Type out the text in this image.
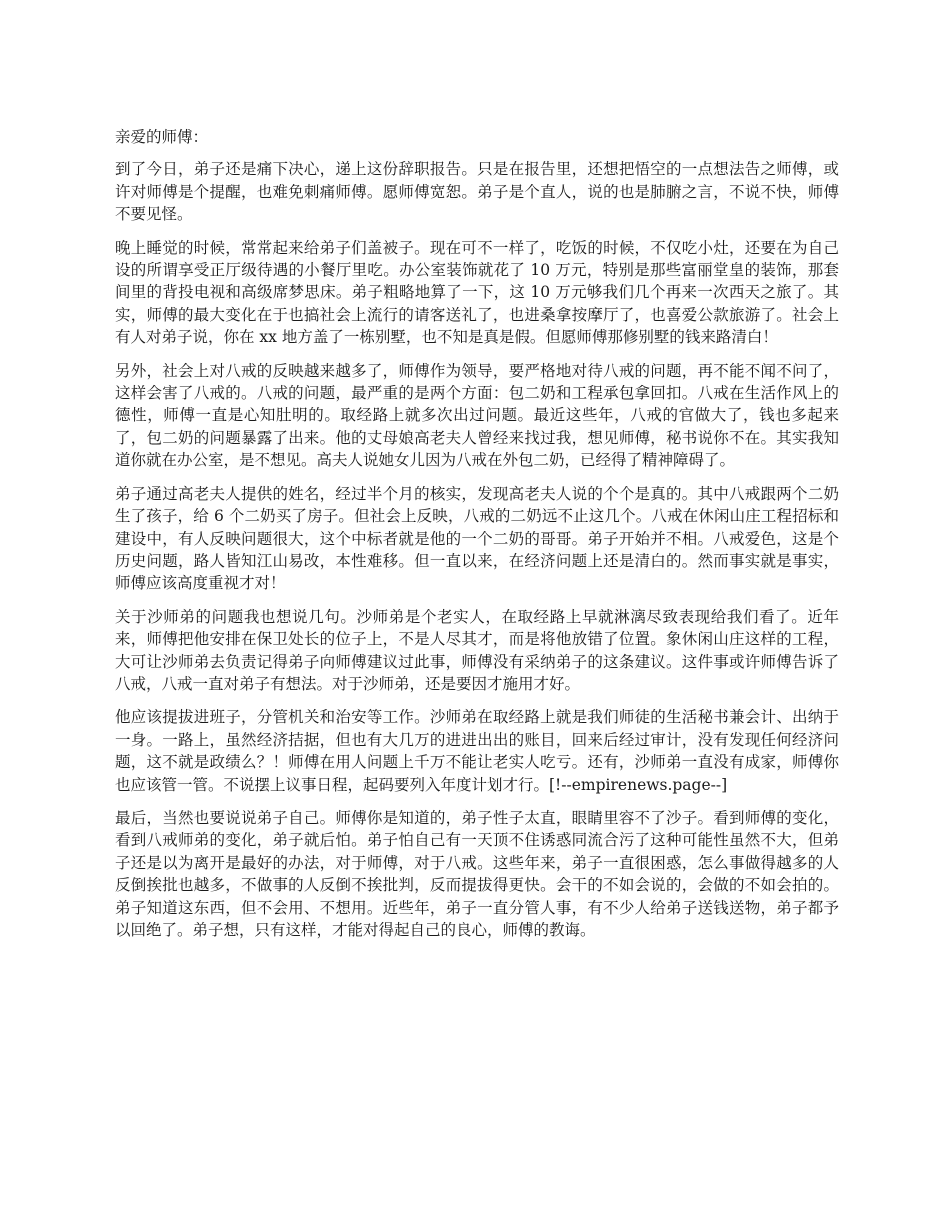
亲爱的师傅：

到了今日，弟子还是痛下决心，递上这份辞职报告。只是在报告里，还想把悟空的一点想法告之师傅，或许对师傅是个提醒，也难免刺痛师傅。愿师傅宽恕。弟子是个直人，说的也是肺腑之言，不说不快，师傅不要见怪。

晚上睡觉的时候，常常起来给弟子们盖被子。现在可不一样了，吃饭的时候，不仅吃小灶，还要在为自己设的所谓享受正厅级待遇的小餐厅里吃。办公室装饰就花了 10 万元，特别是那些富丽堂皇的装饰，那套间里的背投电视和高级席梦思床。弟子粗略地算了一下，这 10 万元够我们几个再来一次西天之旅了。其实，师傅的最大变化在于也搞社会上流行的请客送礼了，也进桑拿按摩厅了，也喜爱公款旅游了。社会上有人对弟子说，你在 xx 地方盖了一栋别墅，也不知是真是假。但愿师傅那修别墅的钱来路清白！

另外，社会上对八戒的反映越来越多了，师傅作为领导，要严格地对待八戒的问题，再不能不闻不问了，这样会害了八戒的。八戒的问题，最严重的是两个方面：包二奶和工程承包拿回扣。八戒在生活作风上的德性，师傅一直是心知肚明的。取经路上就多次出过问题。最近这些年，八戒的官做大了，钱也多起来了，包二奶的问题暴露了出来。他的丈母娘高老夫人曾经来找过我，想见师傅，秘书说你不在。其实我知道你就在办公室，是不想见。高夫人说她女儿因为八戒在外包二奶，已经得了精神障碍了。

弟子通过高老夫人提供的姓名，经过半个月的核实，发现高老夫人说的个个是真的。其中八戒跟两个二奶生了孩子，给 6 个二奶买了房子。但社会上反映，八戒的二奶远不止这几个。八戒在休闲山庄工程招标和建设中，有人反映问题很大，这个中标者就是他的一个二奶的哥哥。弟子开始并不相。八戒爱色，这是个历史问题，路人皆知江山易改，本性难移。但一直以来，在经济问题上还是清白的。然而事实就是事实，师傅应该高度重视才对！

关于沙师弟的问题我也想说几句。沙师弟是个老实人，在取经路上早就淋漓尽致表现给我们看了。近年来，师傅把他安排在保卫处长的位子上，不是人尽其才，而是将他放错了位置。象休闲山庄这样的工程，大可让沙师弟去负责记得弟子向师傅建议过此事，师傅没有采纳弟子的这条建议。这件事或许师傅告诉了八戒，八戒一直对弟子有想法。对于沙师弟，还是要因才施用才好。

他应该提拔进班子，分管机关和治安等工作。沙师弟在取经路上就是我们师徒的生活秘书兼会计、出纳于一身。一路上，虽然经济拮据，但也有大几万的进进出出的账目，回来后经过审计，没有发现任何经济问题，这不就是政绩么？！师傅在用人问题上千万不能让老实人吃亏。还有，沙师弟一直没有成家，师傅你也应该管一管。不说摆上议事日程，起码要列入年度计划才行。[!--empirenews.page--]

最后，当然也要说说弟子自己。师傅你是知道的，弟子性子太直，眼睛里容不了沙子。看到师傅的变化，看到八戒师弟的变化，弟子就后怕。弟子怕自己有一天顶不住诱惑同流合污了这种可能性虽然不大，但弟子还是以为离开是最好的办法，对于师傅，对于八戒。这些年来，弟子一直很困惑，怎么事做得越多的人反倒挨批也越多，不做事的人反倒不挨批判，反而提拔得更快。会干的不如会说的，会做的不如会拍的。弟子知道这东西，但不会用、不想用。近些年，弟子一直分管人事，有不少人给弟子送钱送物，弟子都予以回绝了。弟子想，只有这样，才能对得起自己的良心，师傅的教诲。
